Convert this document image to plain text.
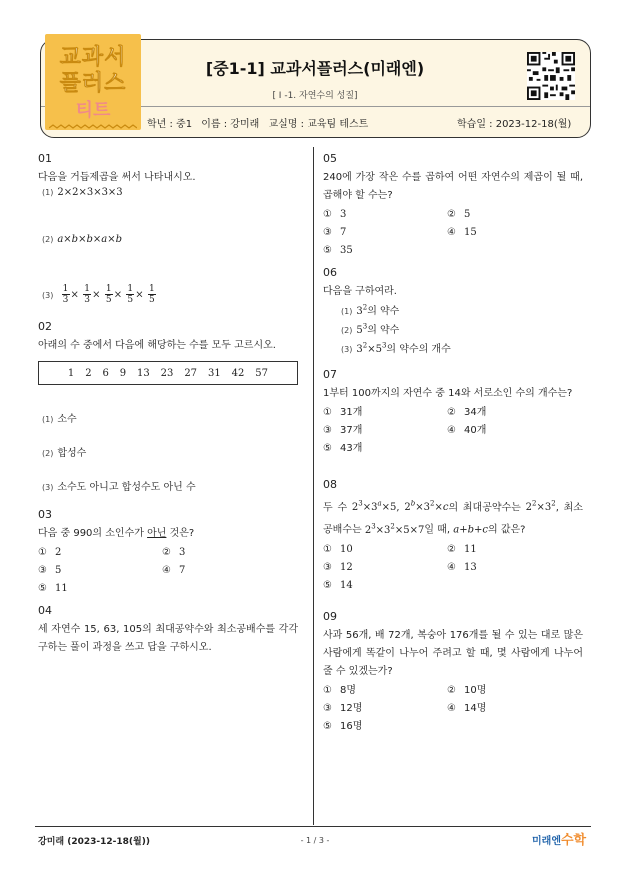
교과서
플러스
티트
[중1-1] 교과서플러스(미래엔)
[ Ⅰ -1. 자연수의 성질]
학년 : 중1 이름 : 강미래 교실명 : 교육팀 테스트	학습일 : 2023-12-18(월)
01
다음을 거듭제곱을 써서 나타내시오.
(1) 2×2×3×3×3
(2) a×b×b×a×b
$(3) \frac{1}{3} \times \frac{1}{3} \times \frac{1}{5} \times \frac{1}{5} \times \frac{1}{5}$
02
아래의 수 중에서 다음에 해당하는 수를 모두 고르시오.
1 2 6 9 13 23 27 31 42 57
(1) 소수
(2) 합성수
(3) 소수도 아니고 합성수도 아닌 수
03
다음 중 990의 소인수가 아닌 것은?
① 2	② 3
③ 5	④ 7
⑤ 11
04
세 자연수 15, 63, 105의 최대공약수와 최소공배수를 각각 구하는 풀이 과정을 쓰고 답을 구하시오.
05
240에 가장 작은 수를 곱하여 어떤 자연수의 제곱이 될 때, 곱해야 할 수는?
① 3	② 5
③ 7	④ 15
⑤ 35
06
다음을 구하여라.
(1) $3^2$의 약수
(2) $5^3$의 약수
(3) $3^2\times 5^3$의 약수의 개수
07
1부터 100까지의 자연수 중 14와 서로소인 수의 개수는?
① 31개	② 34개
③ 37개	④ 40개
⑤ 43개
08
두 수 $2^3\times 3^a\times 5$, $2^b\times 3^2\times c$의 최대공약수는 $2^2\times 3^2$, 최소공배수는 $2^3\times 3^2\times 5\times 7$일 때, a+b+c의 값은?
① 10	② 11
③ 12	④ 13
⑤ 14
09
사과 56개, 배 72개, 복숭아 176개를 될 수 있는 대로 많은 사람에게 똑같이 나누어 주려고 할 때, 몇 사람에게 나누어 줄 수 있겠는가?
① 8명	② 10명
③ 12명	④ 14명
⑤ 16명
강미래 (2023-12-18(월))	- 1 / 3 -	미래엔수학
